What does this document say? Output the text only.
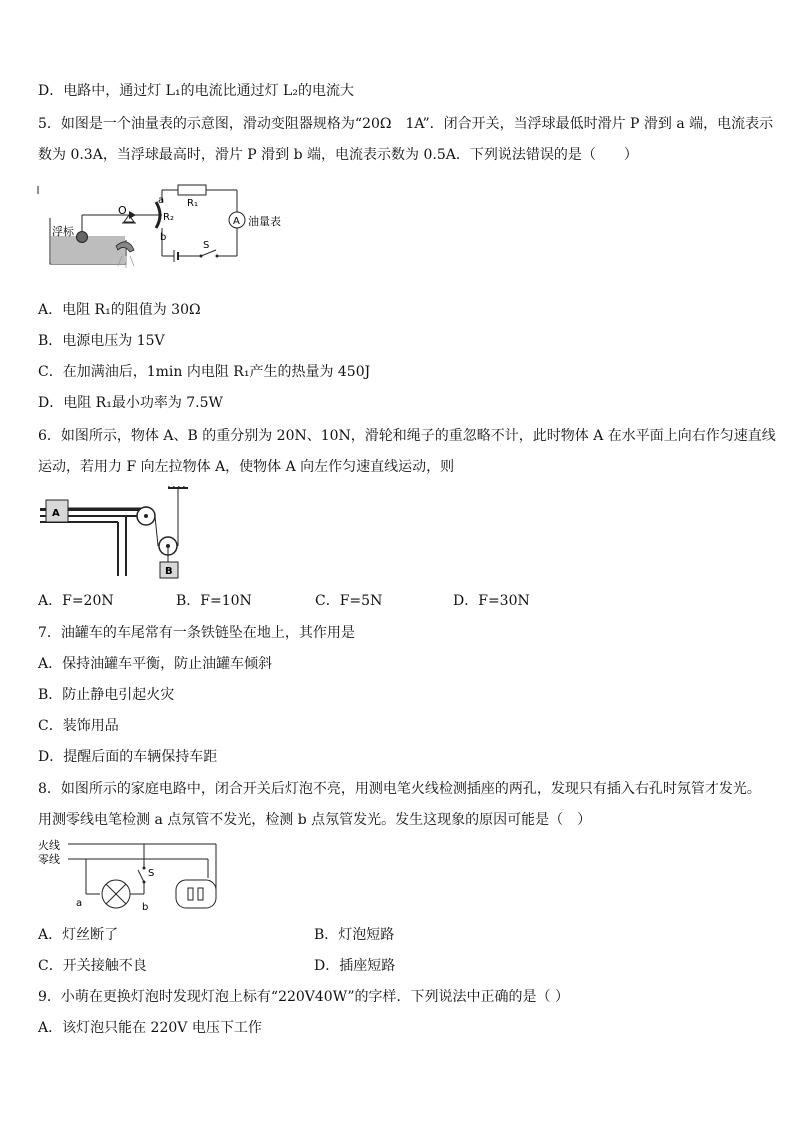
D．电路中，通过灯 L₁的电流比通过灯 L₂的电流大
5．如图是一个油量表的示意图，滑动变阻器规格为“20Ω　1A”．闭合开关，当浮球最低时滑片 P 滑到 a 端，电流表示
数为 0.3A，当浮球最高时，滑片 P 滑到 b 端，电流表示数为 0.5A．下列说法错误的是（　　）
浮标
O
a
R₂
b
R₁
A 油量表
S
A．电阻 R₁的阻值为 30Ω
B．电源电压为 15V
C．在加满油后，1min 内电阻 R₁产生的热量为 450J
D．电阻 R₁最小功率为 7.5W
6．如图所示，物体 A、B 的重分别为 20N、10N，滑轮和绳子的重忽略不计，此时物体 A 在水平面上向右作匀速直线
运动，若用力 F 向左拉物体 A，使物体 A 向左作匀速直线运动，则
A
B
A．F=20N	B．F=10N	C．F=5N	D．F=30N
7．油罐车的车尾常有一条铁链坠在地上，其作用是
A．保持油罐车平衡，防止油罐车倾斜
B．防止静电引起火灾
C．装饰用品
D．提醒后面的车辆保持车距
8．如图所示的家庭电路中，闭合开关后灯泡不亮，用测电笔火线检测插座的两孔，发现只有插入右孔时氖管才发光。
用测零线电笔检测 a 点氖管不发光，检测 b 点氖管发光。发生这现象的原因可能是（　）
火线
零线
a	b
S
A．灯丝断了	B．灯泡短路
C．开关接触不良	D．插座短路
9．小萌在更换灯泡时发现灯泡上标有“220V40W”的字样．下列说法中正确的是（ ）
A．该灯泡只能在 220V 电压下工作
